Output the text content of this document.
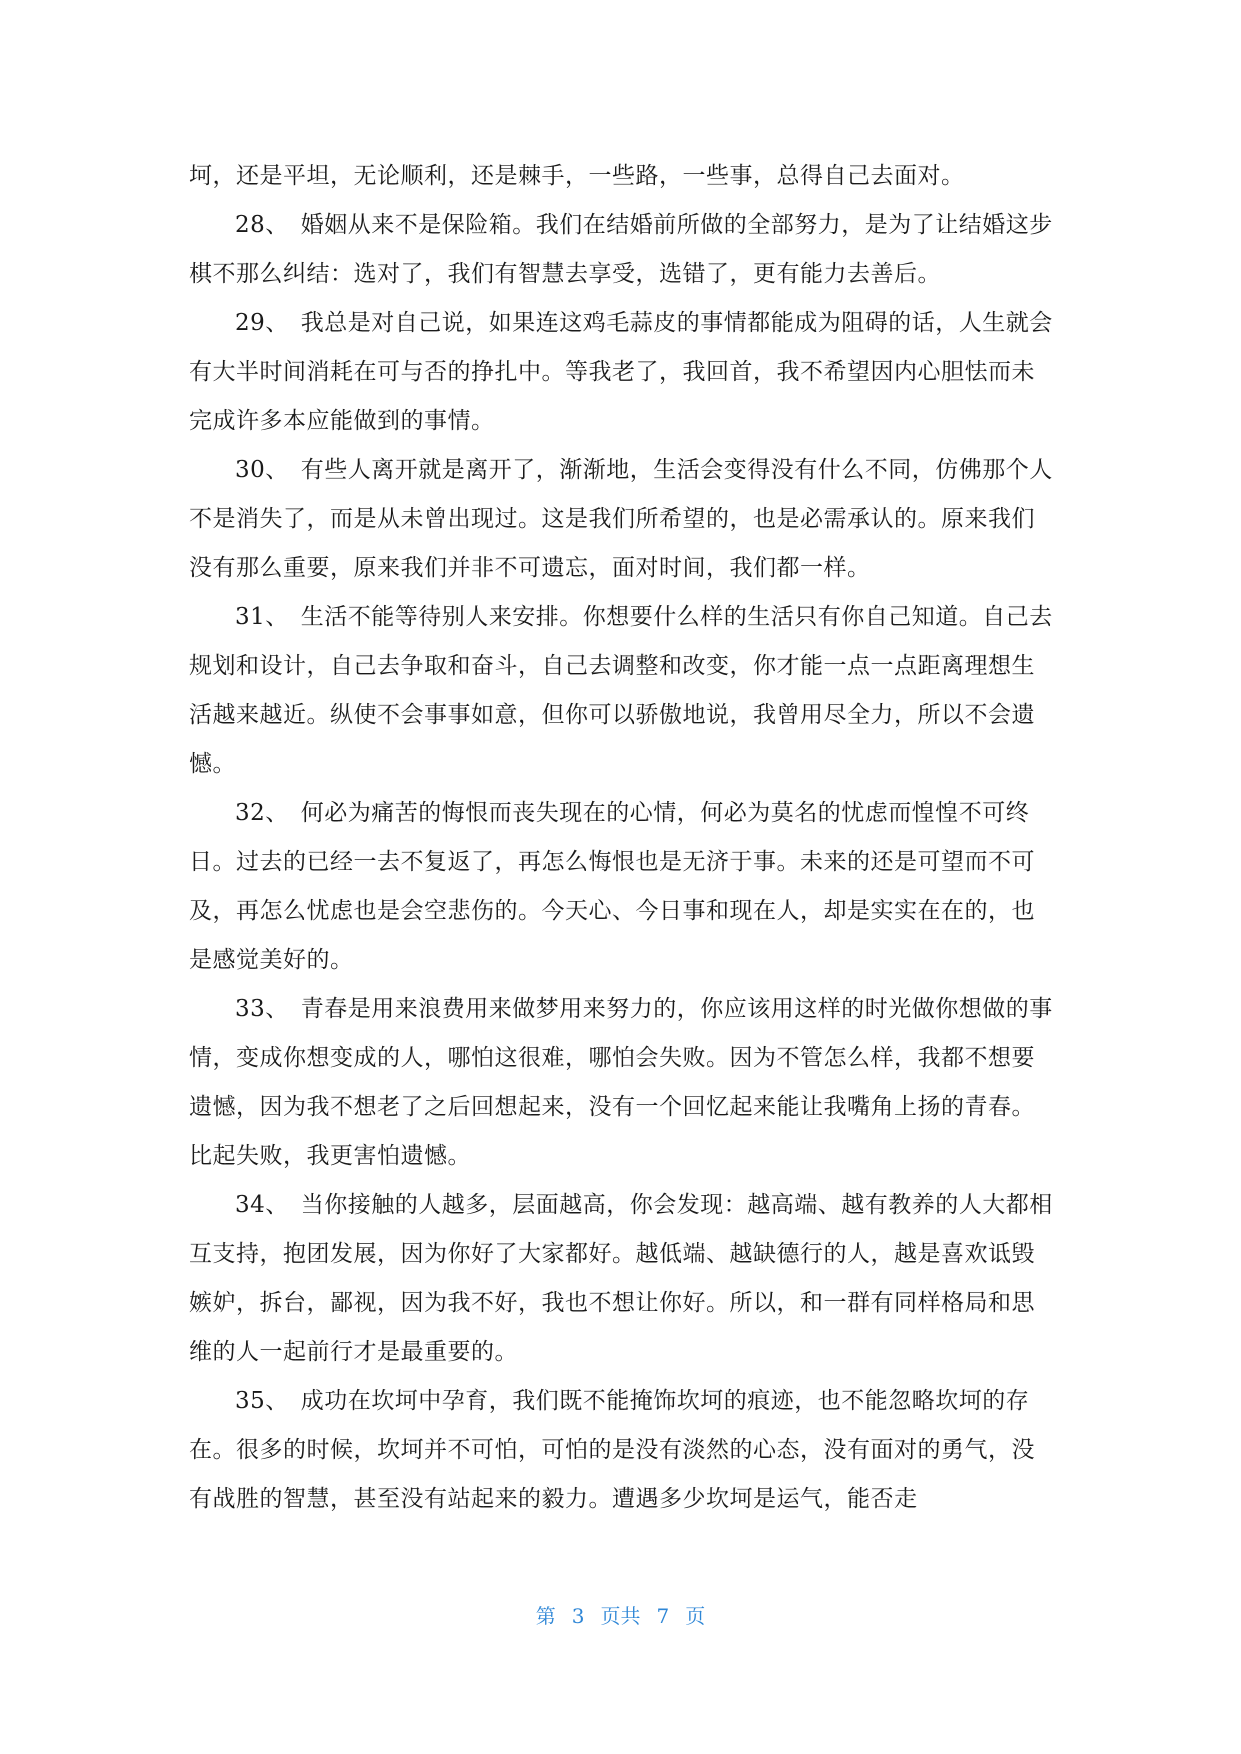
坷，还是平坦，无论顺利，还是棘手，一些路，一些事，总得自己去面对。

28、 婚姻从来不是保险箱。我们在结婚前所做的全部努力，是为了让结婚这步棋不那么纠结：选对了，我们有智慧去享受，选错了，更有能力去善后。

29、 我总是对自己说，如果连这鸡毛蒜皮的事情都能成为阻碍的话，人生就会有大半时间消耗在可与否的挣扎中。等我老了，我回首，我不希望因内心胆怯而未完成许多本应能做到的事情。

30、 有些人离开就是离开了，渐渐地，生活会变得没有什么不同，仿佛那个人不是消失了，而是从未曾出现过。这是我们所希望的，也是必需承认的。原来我们没有那么重要，原来我们并非不可遗忘，面对时间，我们都一样。

31、 生活不能等待别人来安排。你想要什么样的生活只有你自己知道。自己去规划和设计，自己去争取和奋斗，自己去调整和改变，你才能一点一点距离理想生活越来越近。纵使不会事事如意，但你可以骄傲地说，我曾用尽全力，所以不会遗憾。

32、 何必为痛苦的悔恨而丧失现在的心情，何必为莫名的忧虑而惶惶不可终日。过去的已经一去不复返了，再怎么悔恨也是无济于事。未来的还是可望而不可及，再怎么忧虑也是会空悲伤的。今天心、今日事和现在人，却是实实在在的，也是感觉美好的。

33、 青春是用来浪费用来做梦用来努力的，你应该用这样的时光做你想做的事情，变成你想变成的人，哪怕这很难，哪怕会失败。因为不管怎么样，我都不想要遗憾，因为我不想老了之后回想起来，没有一个回忆起来能让我嘴角上扬的青春。比起失败，我更害怕遗憾。

34、 当你接触的人越多，层面越高，你会发现：越高端、越有教养的人大都相互支持，抱团发展，因为你好了大家都好。越低端、越缺德行的人，越是喜欢诋毁嫉妒，拆台，鄙视，因为我不好，我也不想让你好。所以，和一群有同样格局和思维的人一起前行才是最重要的。

35、 成功在坎坷中孕育，我们既不能掩饰坎坷的痕迹，也不能忽略坎坷的存在。很多的时候，坎坷并不可怕，可怕的是没有淡然的心态，没有面对的勇气，没有战胜的智慧，甚至没有站起来的毅力。遭遇多少坎坷是运气，能否走

第 3 页共 7 页
